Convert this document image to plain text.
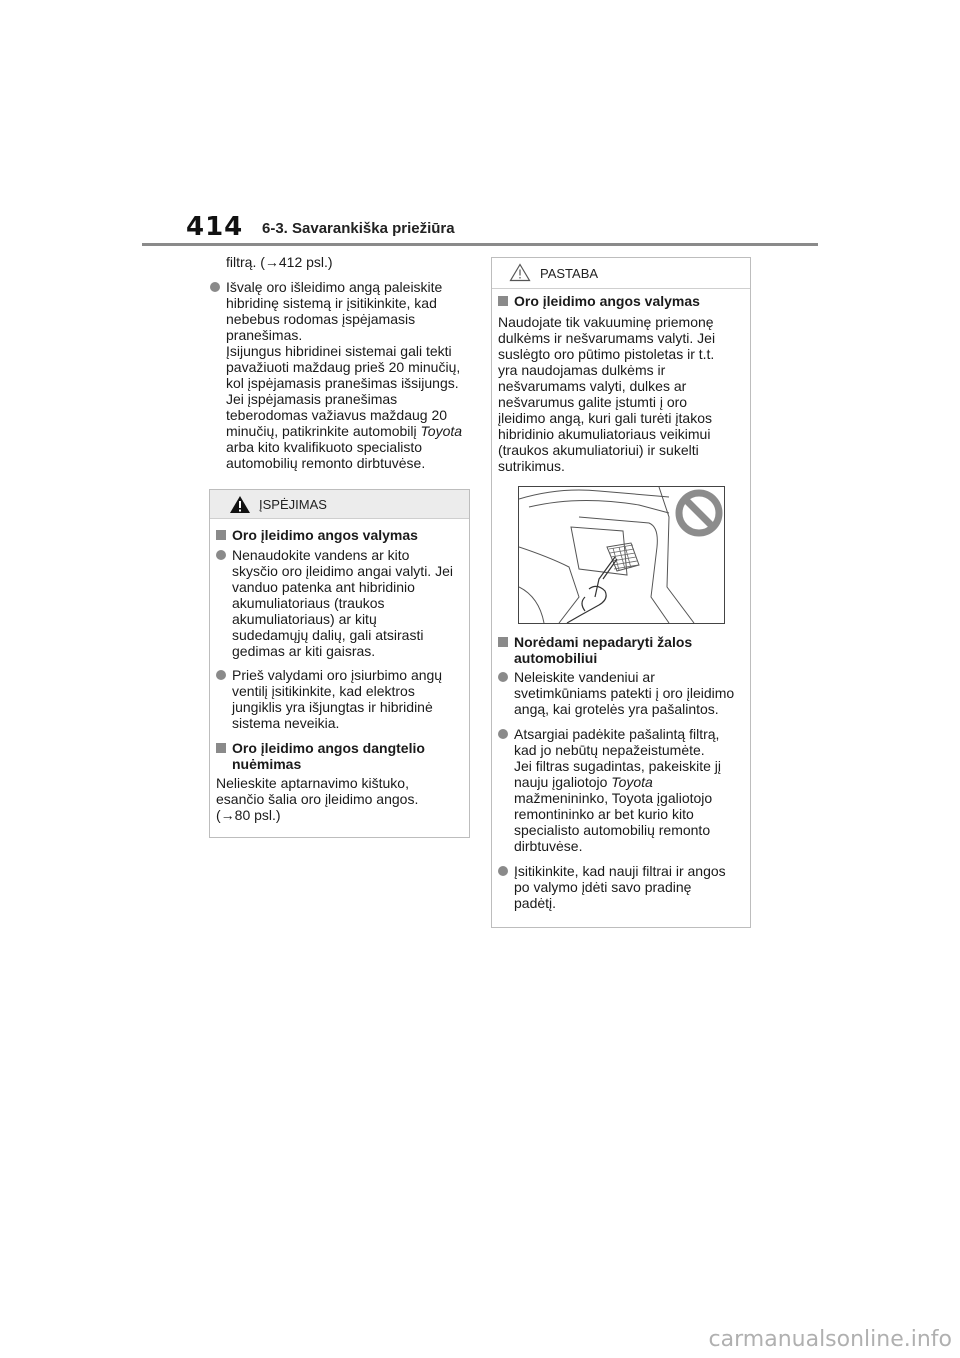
414 6-3. Savarankiška priežiūra
filtrą. (→412 psl.)
Išvalę oro išleidimo angą paleiskite
hibridinę sistemą ir įsitikinkite, kad
nebebus rodomas įspėjamasis
pranešimas.
Įsijungus hibridinei sistemai gali tekti
pavažiuoti maždaug prieš 20 minučių,
kol įspėjamasis pranešimas išsijungs.
Jei įspėjamasis pranešimas
teberodomas važiavus maždaug 20
minučių, patikrinkite automobilį Toyota
arba kito kvalifikuoto specialisto
automobilių remonto dirbtuvėse.
ĮSPĖJIMAS
Oro įleidimo angos valymas
Nenaudokite vandens ar kito
skysčio oro įleidimo angai valyti. Jei
vanduo patenka ant hibridinio
akumuliatoriaus (traukos
akumuliatoriaus) ar kitų
sudedamųjų dalių, gali atsirasti
gedimas ar kiti gaisras.
Prieš valydami oro įsiurbimo angų
ventilį įsitikinkite, kad elektros
jungiklis yra išjungtas ir hibridinė
sistema neveikia.
Oro įleidimo angos dangtelio
nuėmimas
Nelieskite aptarnavimo kištuko,
esančio šalia oro įleidimo angos.
(→80 psl.)
PASTABA
Oro įleidimo angos valymas
Naudojate tik vakuuminę priemonę
dulkėms ir nešvarumams valyti. Jei
suslėgto oro pūtimo pistoletas ir t.t.
yra naudojamas dulkėms ir
nešvarumams valyti, dulkes ar
nešvarumus galite įstumti į oro
įleidimo angą, kuri gali turėti įtakos
hibridinio akumuliatoriaus veikimui
(traukos akumuliatoriui) ir sukelti
sutrikimus.
Norėdami nepadaryti žalos
automobiliui
Neleiskite vandeniui ar
svetimkūniams patekti į oro įleidimo
angą, kai grotelės yra pašalintos.
Atsargiai padėkite pašalintą filtrą,
kad jo nebūtų nepažeistumėte.
Jei filtras sugadintas, pakeiskite jį
nauju įgaliotojo Toyota
mažmenininko, Toyota įgaliotojo
remontininko ar bet kurio kito
specialisto automobilių remonto
dirbtuvėse.
Įsitikinkite, kad nauji filtrai ir angos
po valymo įdėti savo pradinę
padėtį.
carmanualsonline.info
